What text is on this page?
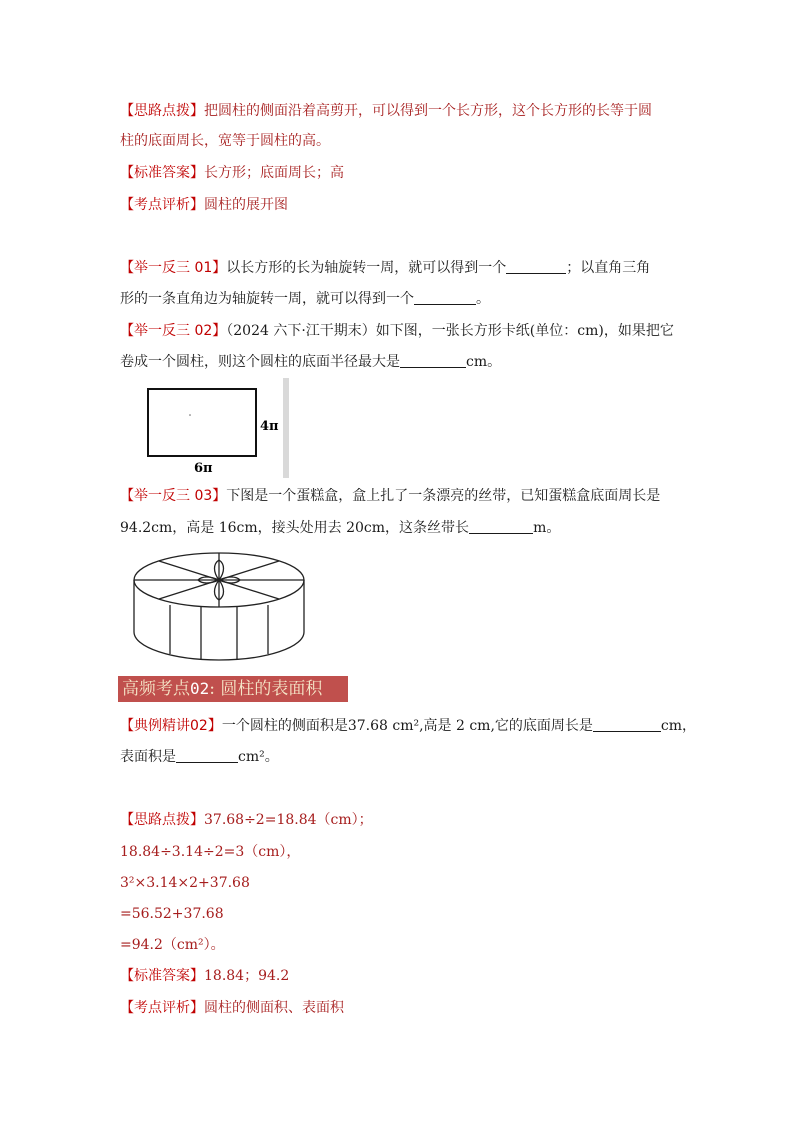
【思路点拨】把圆柱的侧面沿着高剪开，可以得到一个长方形，这个长方形的长等于圆
柱的底面周长，宽等于圆柱的高。
【标准答案】长方形；底面周长；高
【考点评析】圆柱的展开图
【举一反三 01】以长方形的长为轴旋转一周，就可以得到一个	；以直角三角
形的一条直角边为轴旋转一周，就可以得到一个	。
【举一反三 02】（2024 六下·江干期末）如下图，一张长方形卡纸(单位：cm)，如果把它
卷成一个圆柱，则这个圆柱的底面半径最大是	cm。
4π
6π
【举一反三 03】下图是一个蛋糕盒，盒上扎了一条漂亮的丝带，已知蛋糕盒底面周长是
94.2cm，高是 16cm，接头处用去 20cm，这条丝带长	m。
高频考点02: 圆柱的表面积
【典例精讲02】一个圆柱的侧面积是37.68 cm²,高是 2 cm,它的底面周长是	cm，
表面积是	cm²。
【思路点拨】37.68÷2=18.84（cm）；
18.84÷3.14÷2=3（cm），
3²×3.14×2+37.68
=56.52+37.68
=94.2（cm²）。
【标准答案】18.84；94.2
【考点评析】圆柱的侧面积、表面积
